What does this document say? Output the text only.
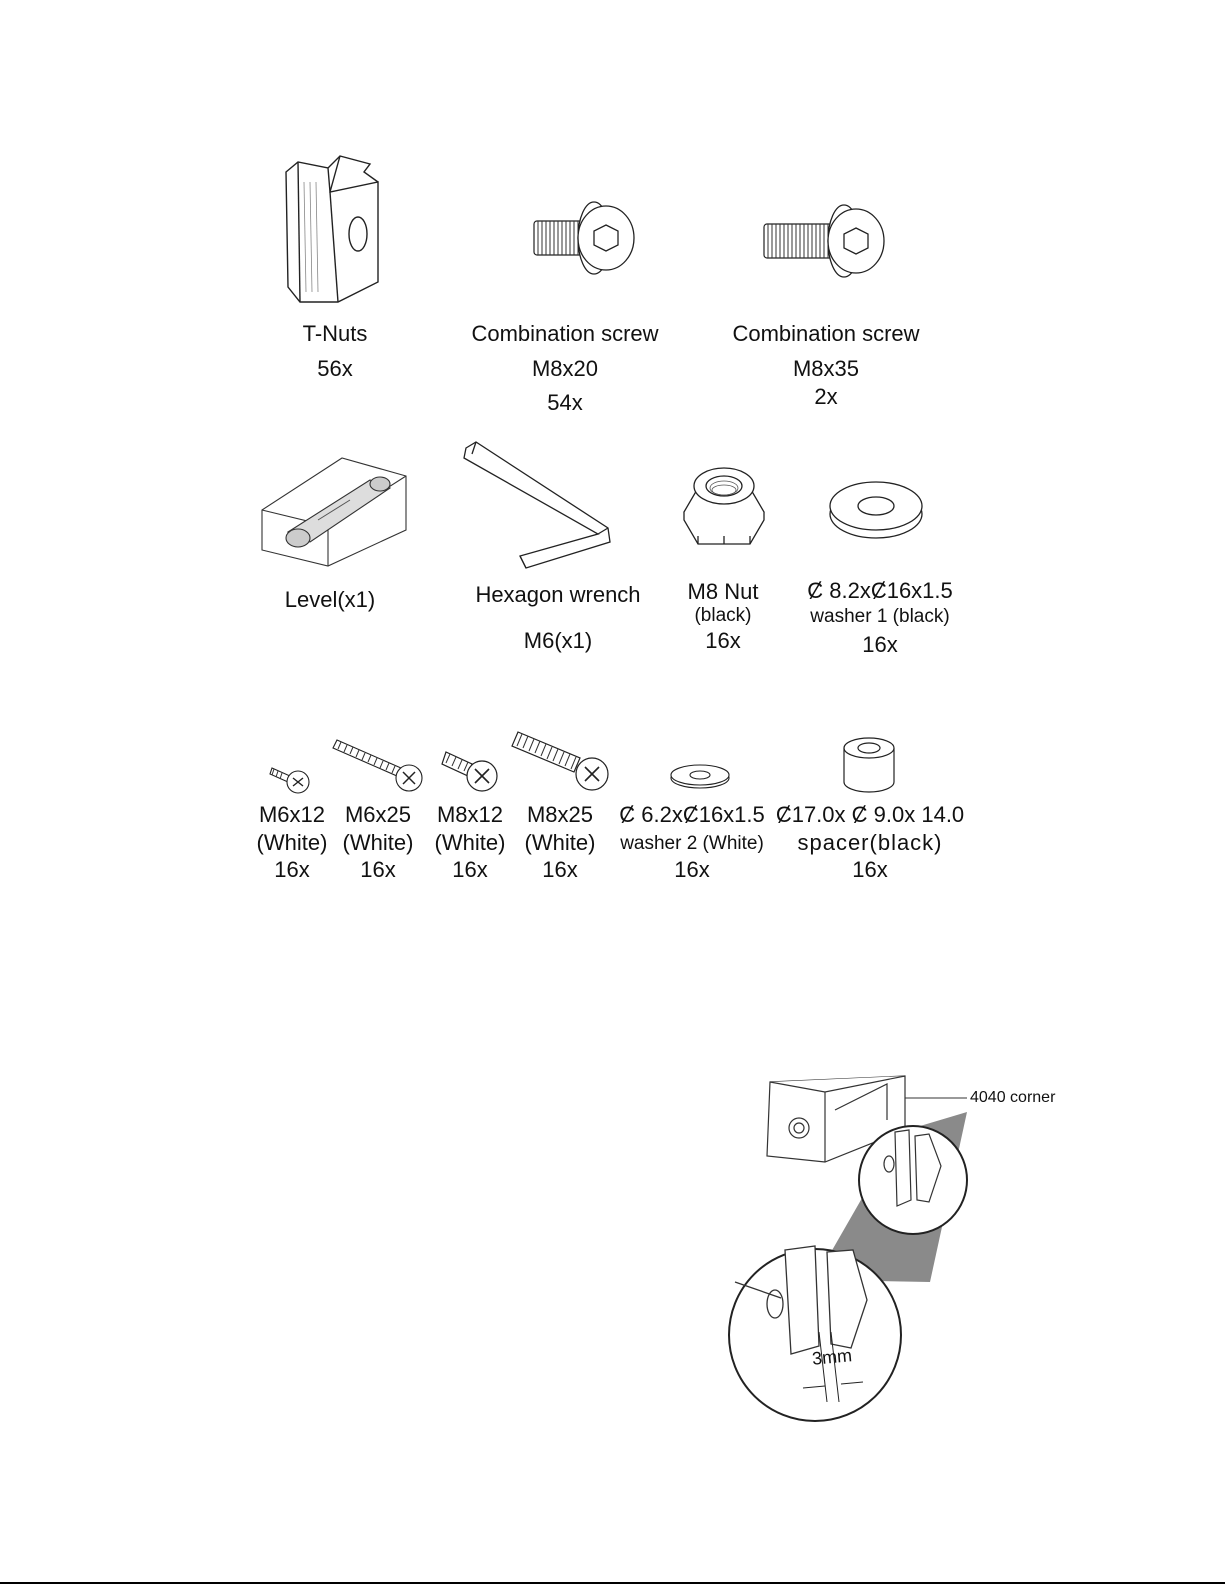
T-Nuts
56x
Combination screw
M8x20
54x
Combination screw
M8x35
2x
Level(x1)	Hexagon wrench
M6(x1)
M8 Nut
(black)
16x
Ȼ 8.2xȻ16x1.5
washer 1 (black)
16x
M6x12
(White)
16x
M6x25
(White)
16x
M8x12
(White)
16x
M8x25
(White)
16x
Ȼ 6.2xȻ16x1.5
washer 2 (White)
16x
Ȼ17.0x Ȼ 9.0x 14.0
spacer(black)
16x
4040 corner
3mm
